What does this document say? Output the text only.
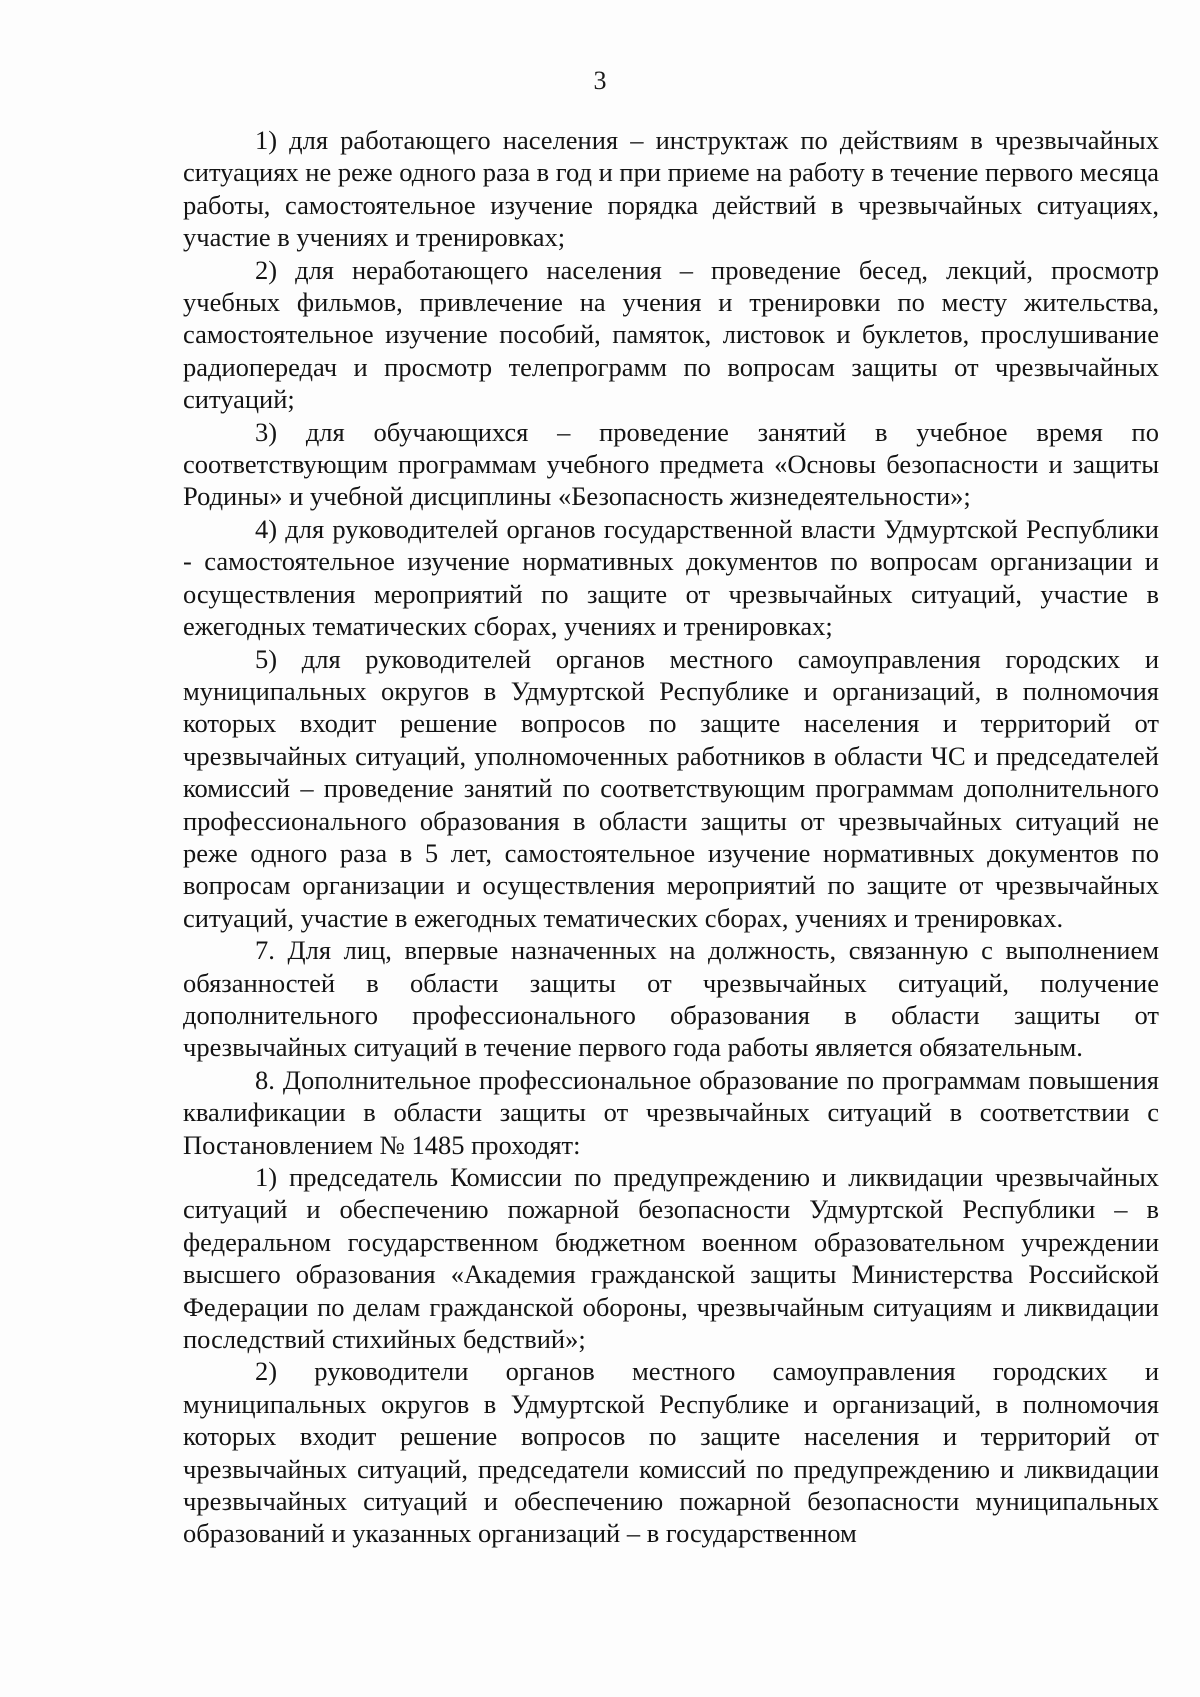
3

1) для работающего населения – инструктаж по действиям в чрезвычайных ситуациях не реже одного раза в год и при приеме на работу в течение первого месяца работы, самостоятельное изучение порядка действий в чрезвычайных ситуациях, участие в учениях и тренировках;

2) для неработающего населения – проведение бесед, лекций, просмотр учебных фильмов, привлечение на учения и тренировки по месту жительства, самостоятельное изучение пособий, памяток, листовок и буклетов, прослушивание радиопередач и просмотр телепрограмм по вопросам защиты от чрезвычайных ситуаций;

3) для обучающихся – проведение занятий в учебное время по соответствующим программам учебного предмета «Основы безопасности и защиты Родины» и учебной дисциплины «Безопасность жизнедеятельности»;

4) для руководителей органов государственной власти Удмуртской Республики - самостоятельное изучение нормативных документов по вопросам организации и осуществления мероприятий по защите от чрезвычайных ситуаций, участие в ежегодных тематических сборах, учениях и тренировках;

5) для руководителей органов местного самоуправления городских и муниципальных округов в Удмуртской Республике и организаций, в полномочия которых входит решение вопросов по защите населения и территорий от чрезвычайных ситуаций, уполномоченных работников в области ЧС и председателей комиссий – проведение занятий по соответствующим программам дополнительного профессионального образования в области защиты от чрезвычайных ситуаций не реже одного раза в 5 лет, самостоятельное изучение нормативных документов по вопросам организации и осуществления мероприятий по защите от чрезвычайных ситуаций, участие в ежегодных тематических сборах, учениях и тренировках.

7. Для лиц, впервые назначенных на должность, связанную с выполнением обязанностей в области защиты от чрезвычайных ситуаций, получение дополнительного профессионального образования в области защиты от чрезвычайных ситуаций в течение первого года работы является обязательным.

8. Дополнительное профессиональное образование по программам повышения квалификации в области защиты от чрезвычайных ситуаций в соответствии с Постановлением № 1485 проходят:

1) председатель Комиссии по предупреждению и ликвидации чрезвычайных ситуаций и обеспечению пожарной безопасности Удмуртской Республики – в федеральном государственном бюджетном военном образовательном учреждении высшего образования «Академия гражданской защиты Министерства Российской Федерации по делам гражданской обороны, чрезвычайным ситуациям и ликвидации последствий стихийных бедствий»;

2) руководители органов местного самоуправления городских и муниципальных округов в Удмуртской Республике и организаций, в полномочия которых входит решение вопросов по защите населения и территорий от чрезвычайных ситуаций, председатели комиссий по предупреждению и ликвидации чрезвычайных ситуаций и обеспечению пожарной безопасности муниципальных образований и указанных организаций – в государственном
